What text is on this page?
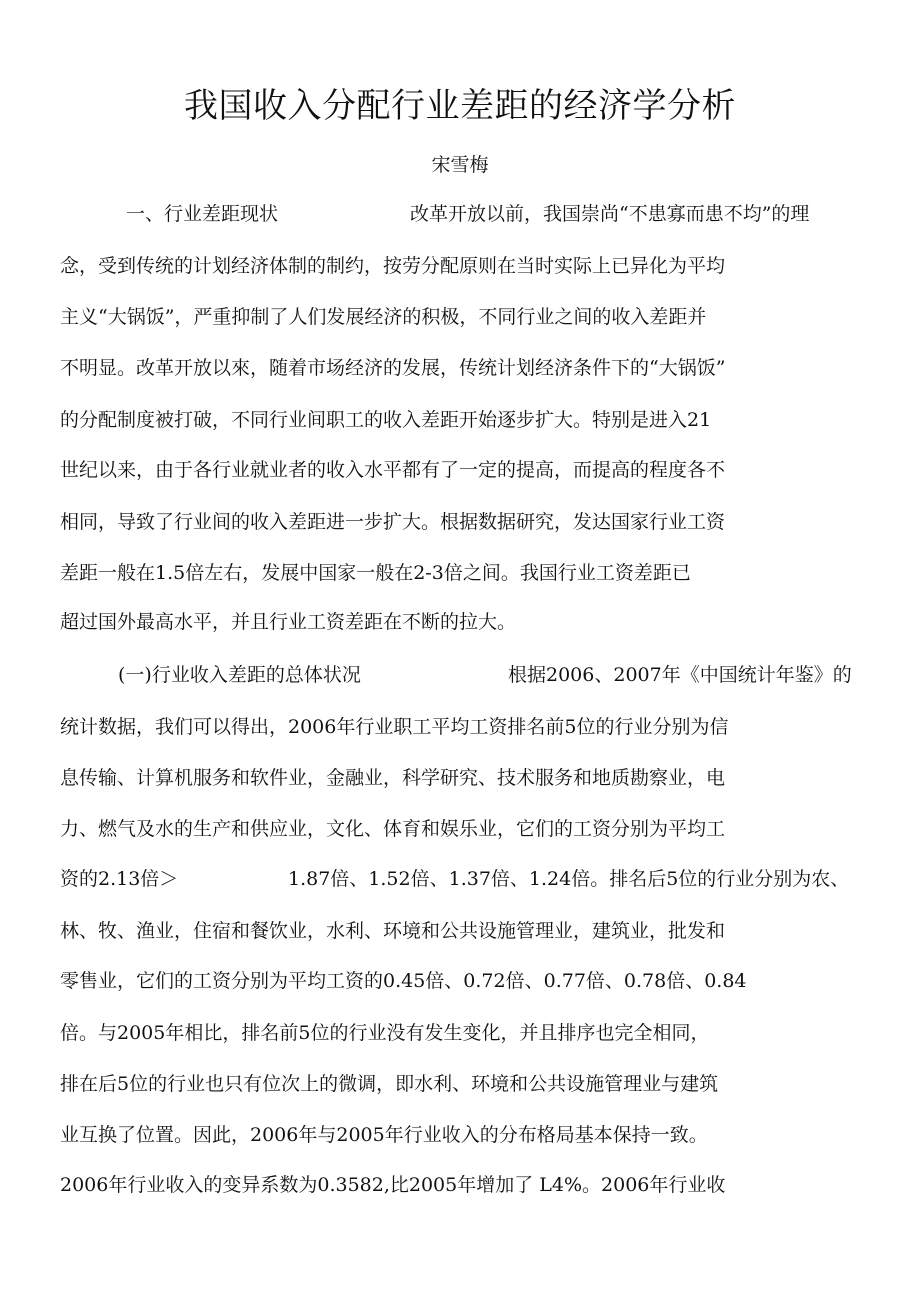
我国收入分配行业差距的经济学分析
宋雪梅
一、行业差距现状	改革开放以前，我国崇尚“不患寡而患不均”的理
念，受到传统的计划经济体制的制约，按劳分配原则在当时实际上已异化为平均
主义“大锅饭”，严重抑制了人们发展经济的积极，不同行业之间的收入差距并
不明显。改革开放以來，随着市场经济的发展，传统计划经济条件下的“大锅饭”
的分配制度被打破，不同行业间职工的收入差距开始逐步扩大。特别是进入21
世纪以来，由于各行业就业者的收入水平都有了一定的提高，而提高的程度各不
相同，导致了行业间的收入差距进一步扩大。根据数据研究，发达国家行业工资
差距一般在1.5倍左右，发展中国家一般在2-3倍之间。我国行业工资差距已
超过国外最高水平，并且行业工资差距在不断的拉大。
(一)行业收入差距的总体状况	根据2006、2007年《中国统计年鉴》的
统计数据，我们可以得出，2006年行业职工平均工资排名前5位的行业分别为信
息传输、计算机服务和软件业，金融业，科学研究、技术服务和地质勘察业，电
力、燃气及水的生产和供应业，文化、体育和娱乐业，它们的工资分别为平均工
资的2.13倍＞	1.87倍、1.52倍、1.37倍、1.24倍。排名后5位的行业分别为农、
林、牧、渔业，住宿和餐饮业，水利、环境和公共设施管理业，建筑业，批发和
零售业，它们的工资分别为平均工资的0.45倍、0.72倍、0.77倍、0.78倍、0.84
倍。与2005年相比，排名前5位的行业没有发生变化，并且排序也完全相同，
排在后5位的行业也只有位次上的微调，即水利、环境和公共设施管理业与建筑
业互换了位置。因此，2006年与2005年行业收入的分布格局基本保持一致。
2006年行业收入的变异系数为0.3582,比2005年增加了 L4%。2006年行业收
